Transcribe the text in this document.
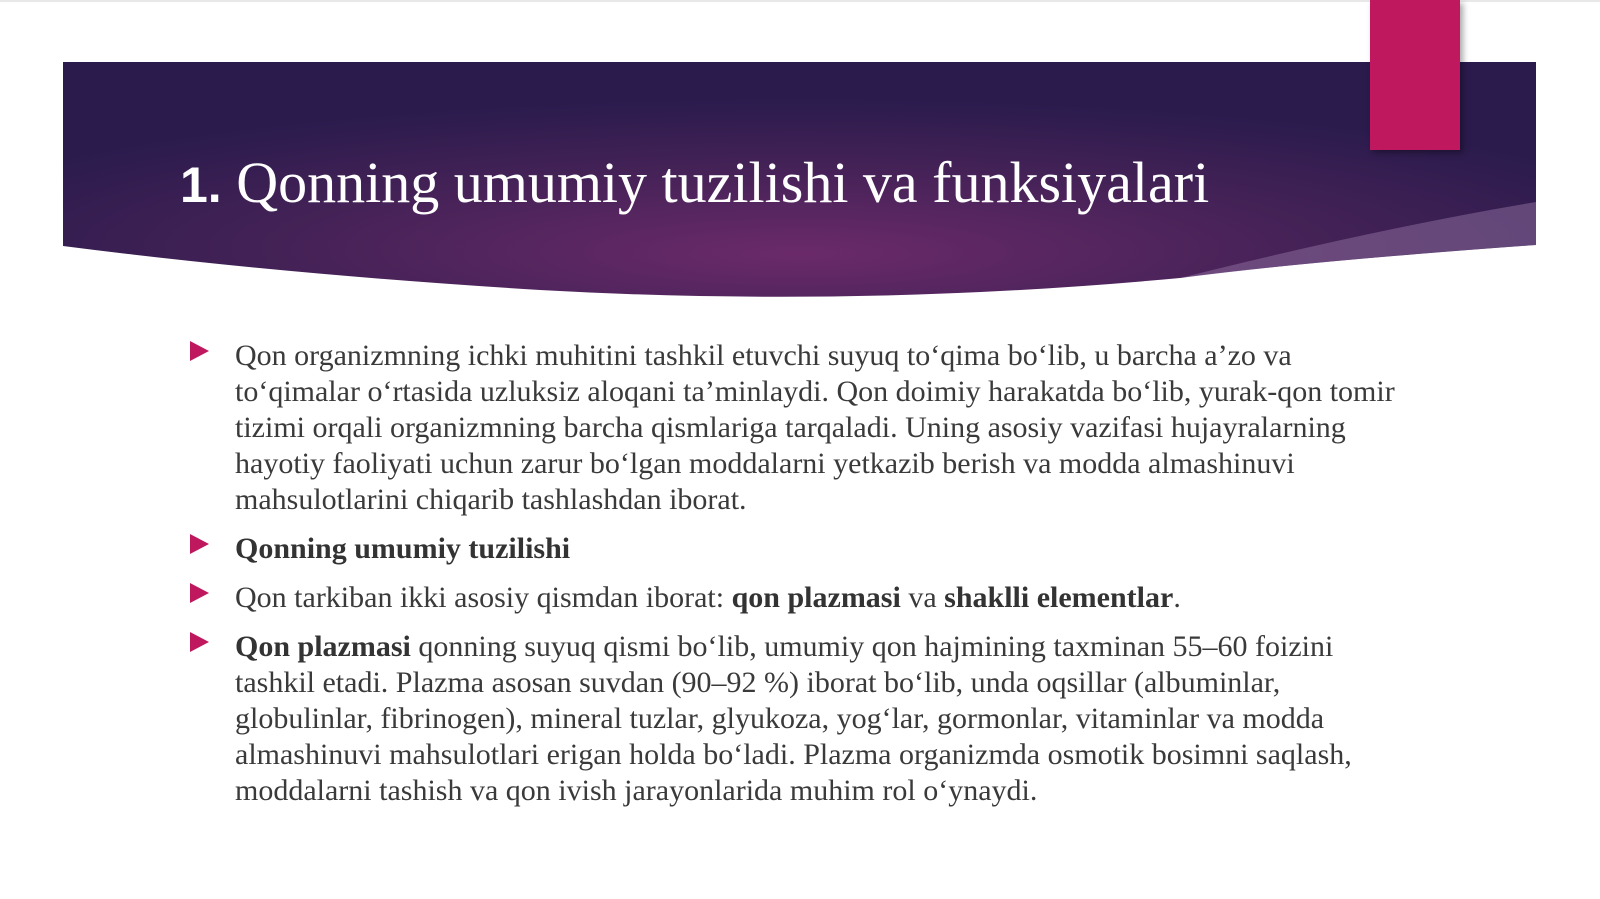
1. Qonning umumiy tuzilishi va funksiyalari
Qon organizmning ichki muhitini tashkil etuvchi suyuq to‘qima bo‘lib, u barcha a’zo va to‘qimalar o‘rtasida uzluksiz aloqani ta’minlaydi. Qon doimiy harakatda bo‘lib, yurak-qon tomir tizimi orqali organizmning barcha qismlariga tarqaladi. Uning asosiy vazifasi hujayralarning hayotiy faoliyati uchun zarur bo‘lgan moddalarni yetkazib berish va modda almashinuvi mahsulotlarini chiqarib tashlashdan iborat.
Qonning umumiy tuzilishi
Qon tarkiban ikki asosiy qismdan iborat: qon plazmasi va shaklli elementlar.
Qon plazmasi qonning suyuq qismi bo‘lib, umumiy qon hajmining taxminan 55–60 foizini tashkil etadi. Plazma asosan suvdan (90–92 %) iborat bo‘lib, unda oqsillar (albuminlar, globulinlar, fibrinogen), mineral tuzlar, glyukoza, yog‘lar, gormonlar, vitaminlar va modda almashinuvi mahsulotlari erigan holda bo‘ladi. Plazma organizmda osmotik bosimni saqlash, moddalarni tashish va qon ivish jarayonlarida muhim rol o‘ynaydi.
